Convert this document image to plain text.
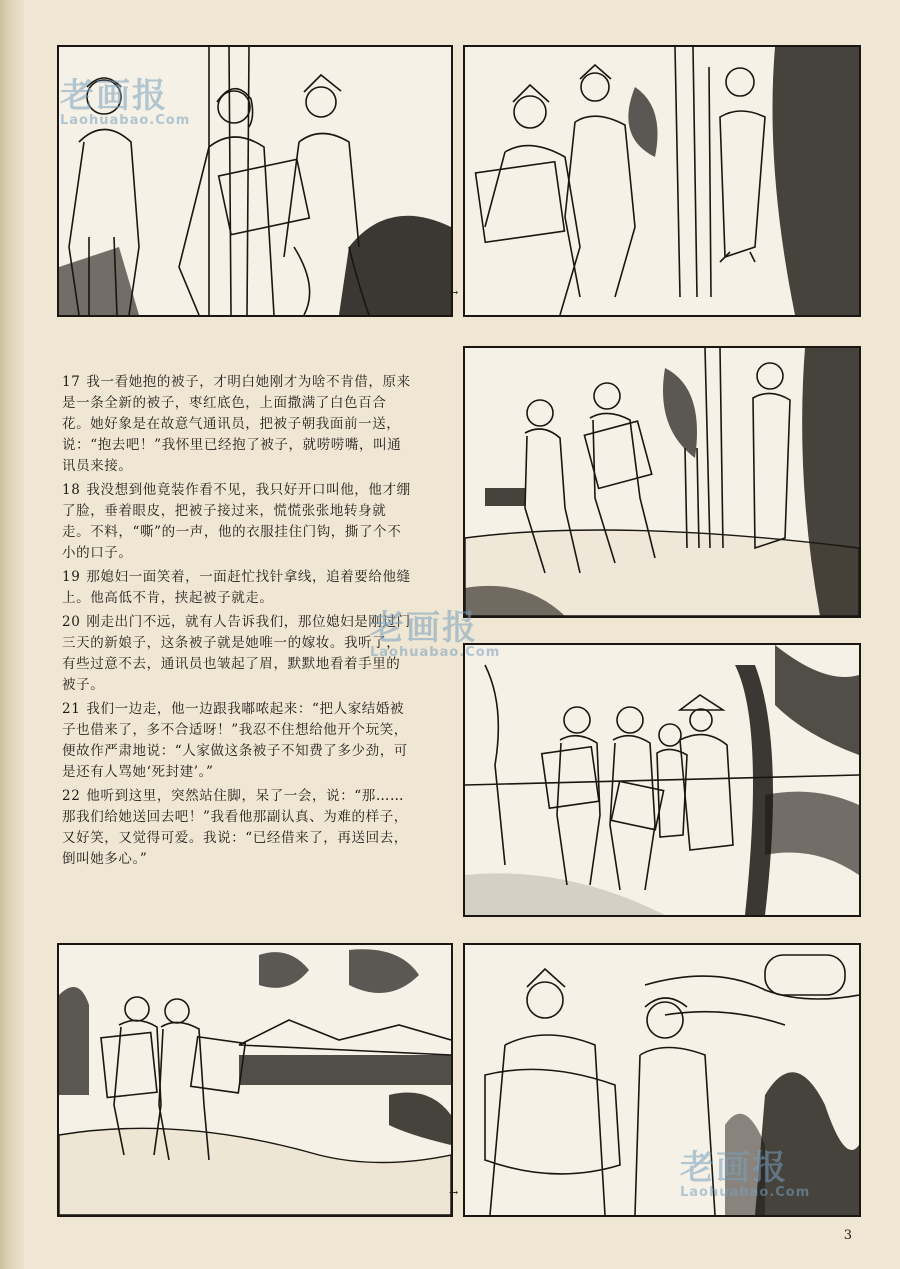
→

17 我一看她抱的被子，才明白她刚才为啥不肯借，原来是一条全新的被子，枣红底色，上面撒满了白色百合花。她好象是在故意气通讯员，把被子朝我面前一送，说：“抱去吧！”我怀里已经抱了被子，就唠唠嘴，叫通讯员来接。

18 我没想到他竟装作看不见，我只好开口叫他，他才绷了脸，垂着眼皮，把被子接过来，慌慌张张地转身就走。不料，“嘶”的一声，他的衣服挂住门钩，撕了个不小的口子。

19 那媳妇一面笑着，一面赶忙找针拿线，追着要给他缝上。他高低不肯，挟起被子就走。

20 刚走出门不远，就有人告诉我们，那位媳妇是刚过门三天的新娘子，这条被子就是她唯一的嫁妆。我听了，有些过意不去，通讯员也皱起了眉，默默地看着手里的被子。

21 我们一边走，他一边跟我嘟哝起来：“把人家结婚被子也借来了，多不合适呀！”我忍不住想给他开个玩笑，便故作严肃地说：“人家做这条被子不知费了多少劲，可是还有人骂她‘死封建’。”

22 他听到这里，突然站住脚，呆了一会，说：“那……那我们给她送回去吧！”我看他那副认真、为难的样子，又好笑，又觉得可爱。我说：“已经借来了，再送回去，倒叫她多心。”

→
老画报
Laohuabao.Com
老画报
Laohuabao.Com
老画报
Laohuabao.Com
3
